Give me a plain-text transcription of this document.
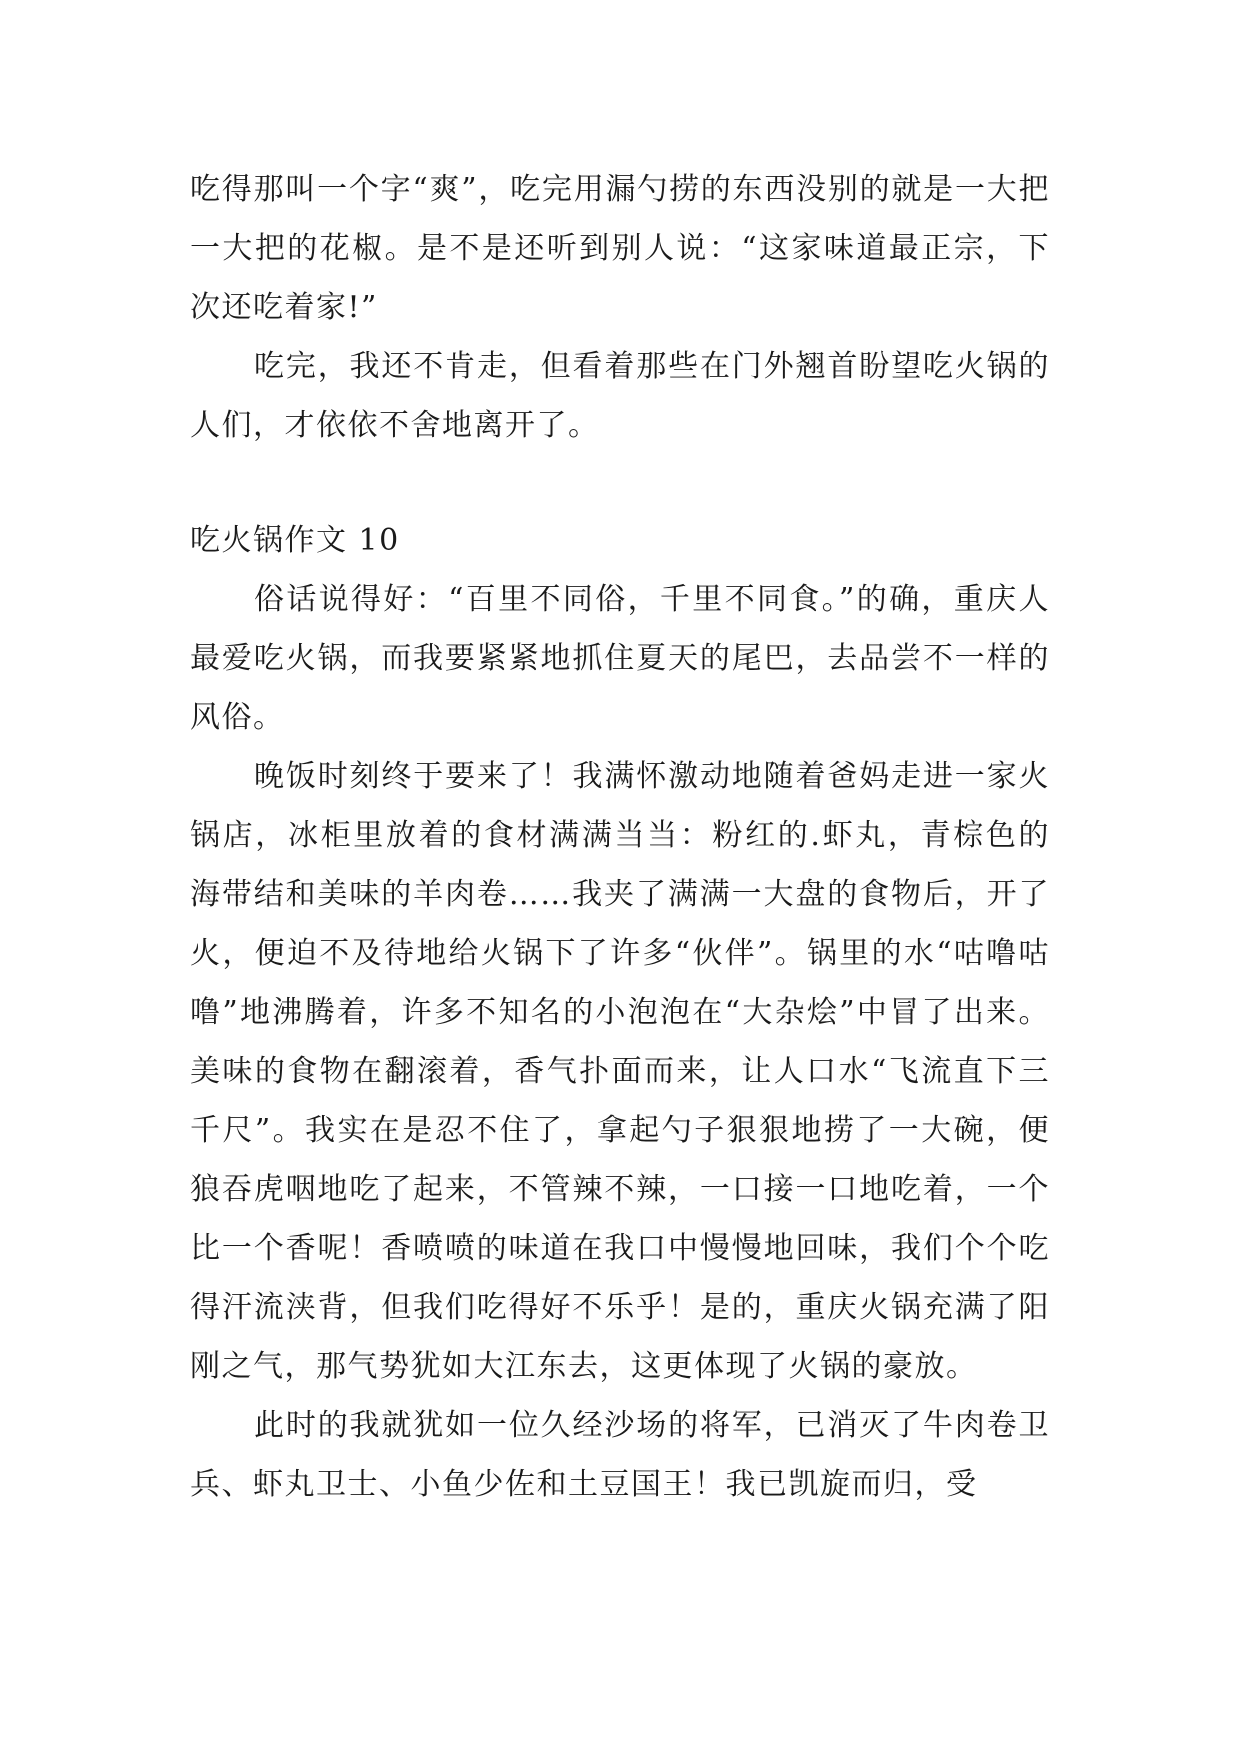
吃得那叫一个字“爽”，吃完用漏勺捞的东西没别的就是一大把一大把的花椒。是不是还听到别人说：“这家味道最正宗，下次还吃着家!”

吃完，我还不肯走，但看着那些在门外翘首盼望吃火锅的人们，才依依不舍地离开了。

吃火锅作文 10

俗话说得好：“百里不同俗，千里不同食。”的确，重庆人最爱吃火锅，而我要紧紧地抓住夏天的尾巴，去品尝不一样的风俗。

晚饭时刻终于要来了！我满怀激动地随着爸妈走进一家火锅店，冰柜里放着的食材满满当当：粉红的.虾丸，青棕色的海带结和美味的羊肉卷……我夹了满满一大盘的食物后，开了火，便迫不及待地给火锅下了许多“伙伴”。锅里的水“咕噜咕噜”地沸腾着，许多不知名的小泡泡在“大杂烩”中冒了出来。美味的食物在翻滚着，香气扑面而来，让人口水“飞流直下三千尺”。我实在是忍不住了，拿起勺子狠狠地捞了一大碗，便狼吞虎咽地吃了起来，不管辣不辣，一口接一口地吃着，一个比一个香呢！香喷喷的味道在我口中慢慢地回味，我们个个吃得汗流浃背，但我们吃得好不乐乎！是的，重庆火锅充满了阳刚之气，那气势犹如大江东去，这更体现了火锅的豪放。

此时的我就犹如一位久经沙场的将军，已消灭了牛肉卷卫兵、虾丸卫士、小鱼少佐和土豆国王！我已凯旋而归，受
